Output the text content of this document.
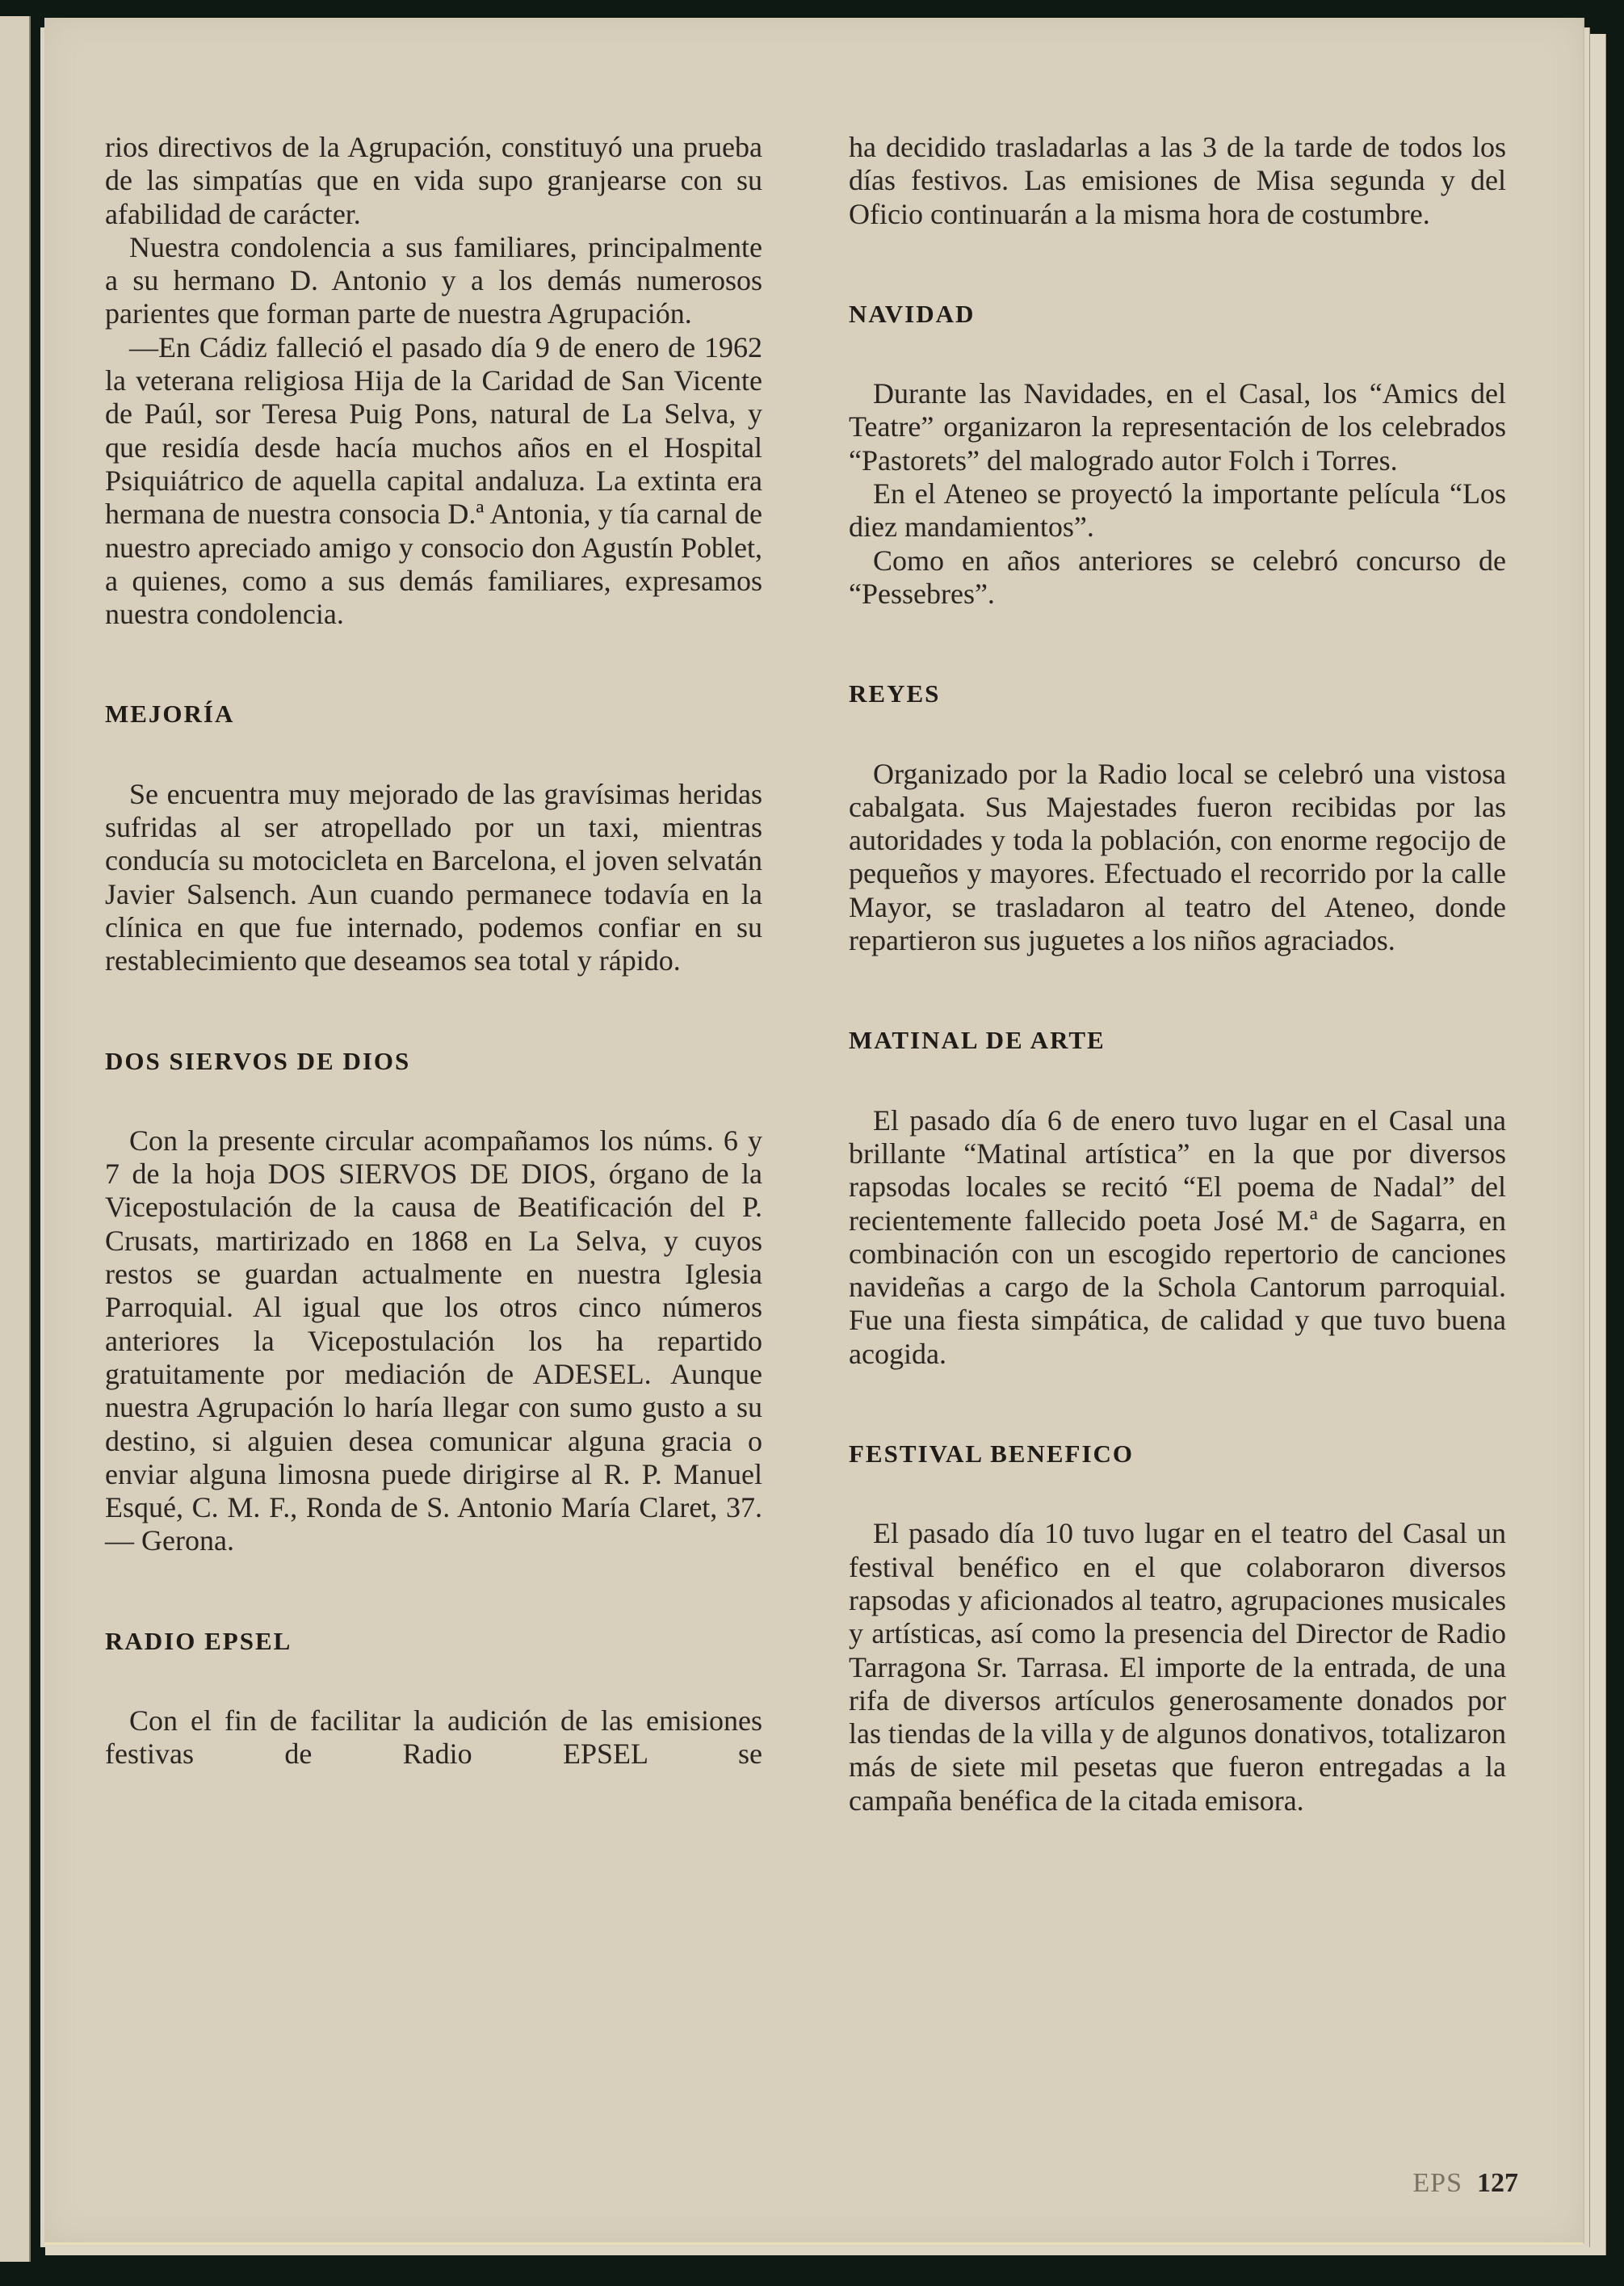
rios directivos de la Agrupación, constituyó una prueba de las simpatías que en vida supo granjearse con su afabilidad de carácter.

Nuestra condolencia a sus familiares, principalmente a su hermano D. Antonio y a los demás numerosos parientes que forman parte de nuestra Agrupación.

—En Cádiz falleció el pasado día 9 de enero de 1962 la veterana religiosa Hija de la Caridad de San Vicente de Paúl, sor Teresa Puig Pons, natural de La Selva, y que residía desde hacía muchos años en el Hospital Psiquiátrico de aquella capital andaluza. La extinta era hermana de nuestra consocia D.ª Antonia, y tía carnal de nuestro apreciado amigo y consocio don Agustín Poblet, a quienes, como a sus demás familiares, expresamos nuestra condolencia.

MEJORÍA

Se encuentra muy mejorado de las gravísimas heridas sufridas al ser atropellado por un taxi, mientras conducía su motocicleta en Barcelona, el joven selvatán Javier Salsench. Aun cuando permanece todavía en la clínica en que fue internado, podemos confiar en su restablecimiento que deseamos sea total y rápido.

DOS SIERVOS DE DIOS

Con la presente circular acompañamos los núms. 6 y 7 de la hoja DOS SIERVOS DE DIOS, órgano de la Vicepostulación de la causa de Beatificación del P. Crusats, martirizado en 1868 en La Selva, y cuyos restos se guardan actualmente en nuestra Iglesia Parroquial. Al igual que los otros cinco números anteriores la Vicepostulación los ha repartido gratuitamente por mediación de ADESEL. Aunque nuestra Agrupación lo haría llegar con sumo gusto a su destino, si alguien desea comunicar alguna gracia o enviar alguna limosna puede dirigirse al R. P. Manuel Esqué, C. M. F., Ronda de S. Antonio María Claret, 37. — Gerona.

RADIO EPSEL

Con el fin de facilitar la audición de las emisiones festivas de Radio EPSEL se

ha decidido trasladarlas a las 3 de la tarde de todos los días festivos. Las emisiones de Misa segunda y del Oficio continuarán a la misma hora de costumbre.

NAVIDAD

Durante las Navidades, en el Casal, los “Amics del Teatre” organizaron la representación de los celebrados “Pastorets” del malogrado autor Folch i Torres.

En el Ateneo se proyectó la importante película “Los diez mandamientos”.

Como en años anteriores se celebró concurso de “Pessebres”.

REYES

Organizado por la Radio local se celebró una vistosa cabalgata. Sus Majestades fueron recibidas por las autoridades y toda la población, con enorme regocijo de pequeños y mayores. Efectuado el recorrido por la calle Mayor, se trasladaron al teatro del Ateneo, donde repartieron sus juguetes a los niños agraciados.

MATINAL DE ARTE

El pasado día 6 de enero tuvo lugar en el Casal una brillante “Matinal artística” en la que por diversos rapsodas locales se recitó “El poema de Nadal” del recientemente fallecido poeta José M.ª de Sagarra, en combinación con un escogido repertorio de canciones navideñas a cargo de la Schola Cantorum parroquial. Fue una fiesta simpática, de calidad y que tuvo buena acogida.

FESTIVAL BENEFICO

El pasado día 10 tuvo lugar en el teatro del Casal un festival benéfico en el que colaboraron diversos rapsodas y aficionados al teatro, agrupaciones musicales y artísticas, así como la presencia del Director de Radio Tarragona Sr. Tarrasa. El importe de la entrada, de una rifa de diversos artículos generosamente donados por las tiendas de la villa y de algunos donativos, totalizaron más de siete mil pesetas que fueron entregadas a la campaña benéfica de la citada emisora.

EPS 127
